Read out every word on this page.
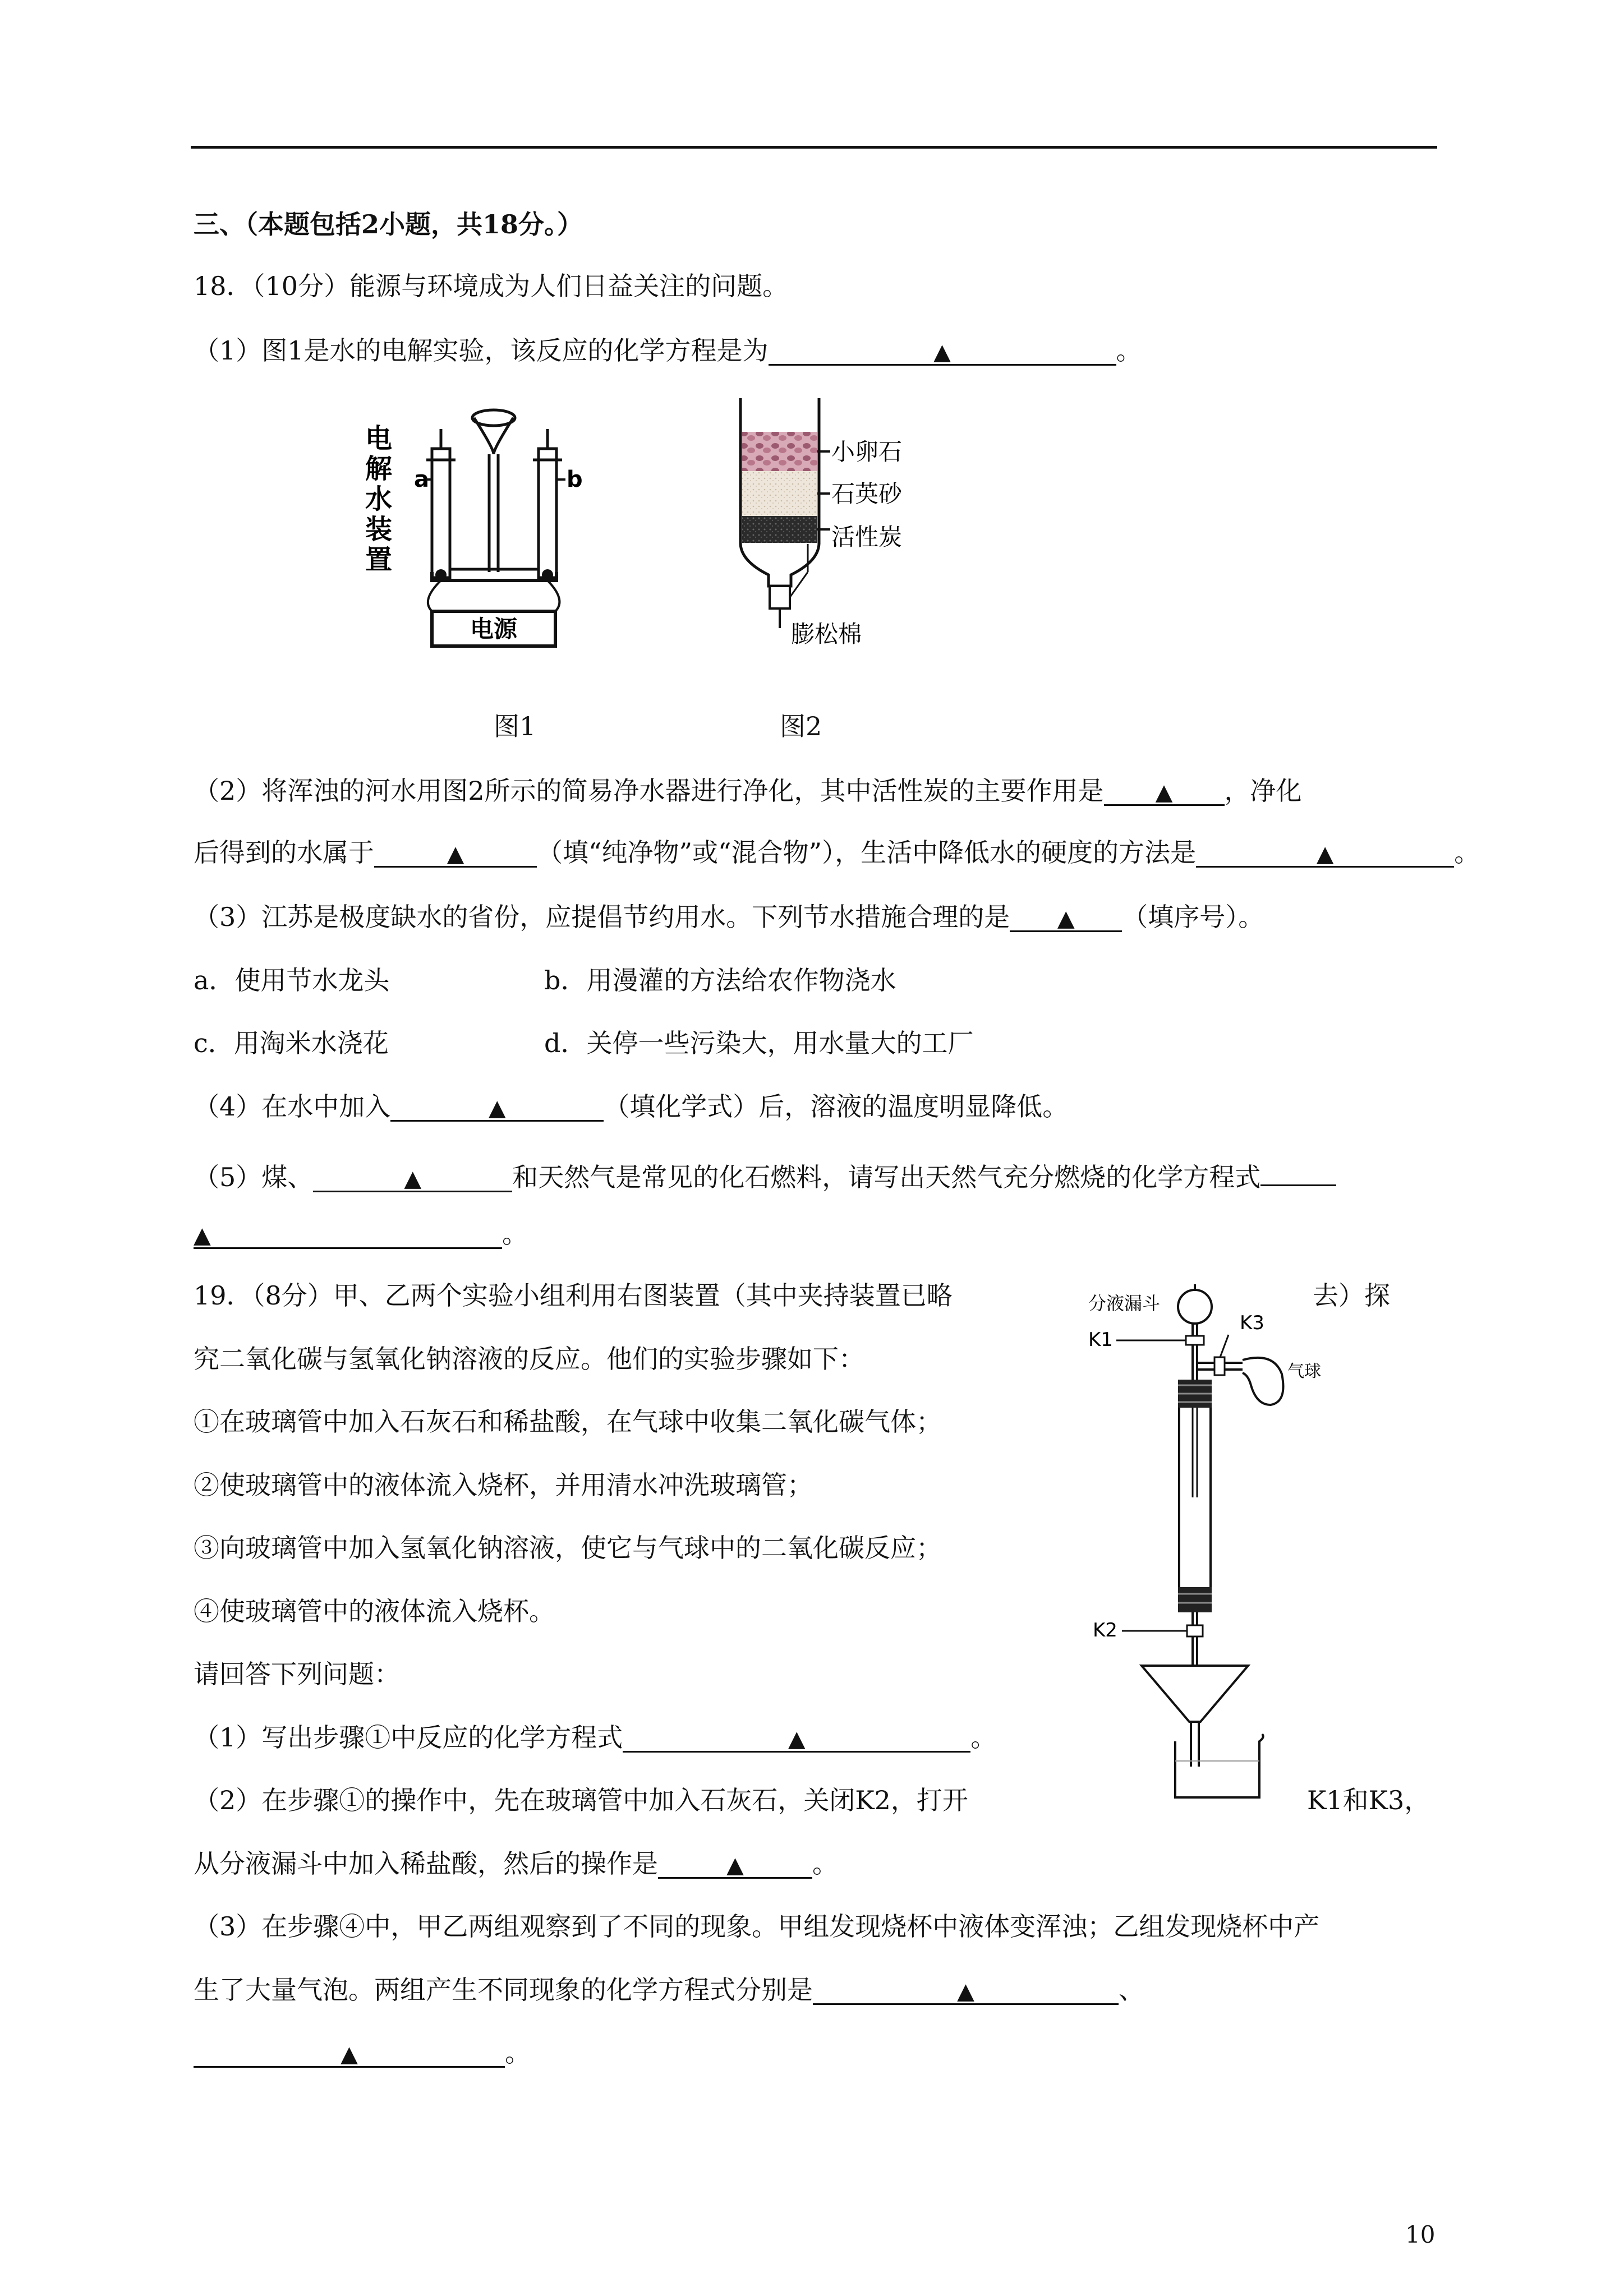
三、（本题包括2小题，共18分。）
18．（10分）能源与环境成为人们日益关注的问题。
（1）图1是水的电解实验，该反应的化学方程是为	▲	。
电
解
水
装
置
a	b
电源
小卵石
石英砂
活性炭
膨松棉
图1	图2
（2）将浑浊的河水用图2所示的简易净水器进行净化，其中活性炭的主要作用是 ▲ ，净化
后得到的水属于	▲	（填“纯净物”或“混合物”），生活中降低水的硬度的方法是	▲	。
（3）江苏是极度缺水的省份，应提倡节约用水。下列节水措施合理的是 ▲ （填序号）。
a．使用节水龙头	b．用漫灌的方法给农作物浇水
c．用淘米水浇花	d．关停一些污染大，用水量大的工厂
（4）在水中加入	▲	（填化学式）后，溶液的温度明显降低。
（5）煤、	▲	和天然气是常见的化石燃料，请写出天然气充分燃烧的化学方程式
▲	。
19．（8分）甲、乙两个实验小组利用右图装置（其中夹持装置已略	去）探
究二氧化碳与氢氧化钠溶液的反应。他们的实验步骤如下：
①在玻璃管中加入石灰石和稀盐酸，在气球中收集二氧化碳气体；
②使玻璃管中的液体流入烧杯，并用清水冲洗玻璃管；
③向玻璃管中加入氢氧化钠溶液，使它与气球中的二氧化碳反应；
④使玻璃管中的液体流入烧杯。
请回答下列问题：
（1）写出步骤①中反应的化学方程式	▲	。
（2）在步骤①的操作中，先在玻璃管中加入石灰石，关闭K2，打开	K1和K3，
从分液漏斗中加入稀盐酸，然后的操作是	▲	。
（3）在步骤④中，甲乙两组观察到了不同的现象。甲组发现烧杯中液体变浑浊；乙组发现烧杯中产
生了大量气泡。两组产生不同现象的化学方程式分别是	▲	、
▲	。
分液漏斗
K1
K3
气球
K2
10
